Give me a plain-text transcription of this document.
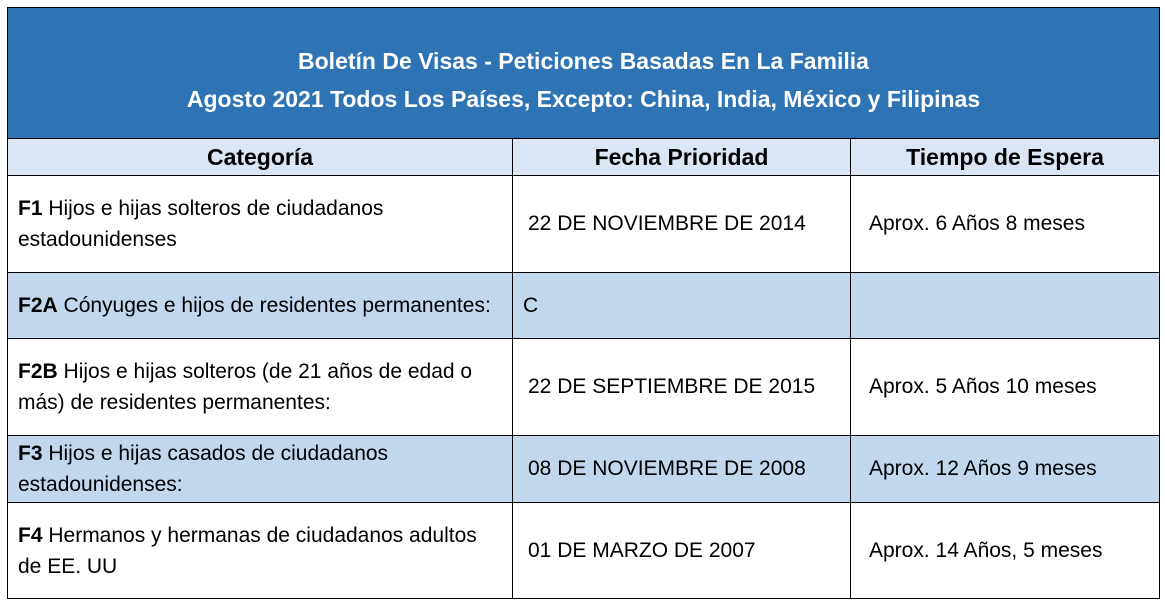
Boletín De Visas - Peticiones Basadas En La Familia
Agosto 2021 Todos Los Países, Excepto: China, India, México y Filipinas		

Categoría	Fecha Prioridad	Tiempo de Espera
F1 Hijos e hijas solteros de ciudadanos estadounidenses	22 DE NOVIEMBRE DE 2014	Aprox. 6 Años 8 meses
F2A Cónyuges e hijos de residentes permanentes:	C	
F2B Hijos e hijas solteros (de 21 años de edad o más) de residentes permanentes:	22 DE SEPTIEMBRE DE 2015	Aprox. 5 Años 10 meses
F3 Hijos e hijas casados de ciudadanos estadounidenses:	08 DE NOVIEMBRE DE 2008	Aprox. 12 Años 9 meses
F4 Hermanos y hermanas de ciudadanos adultos de EE. UU	01 DE MARZO DE 2007	Aprox. 14 Años, 5 meses
